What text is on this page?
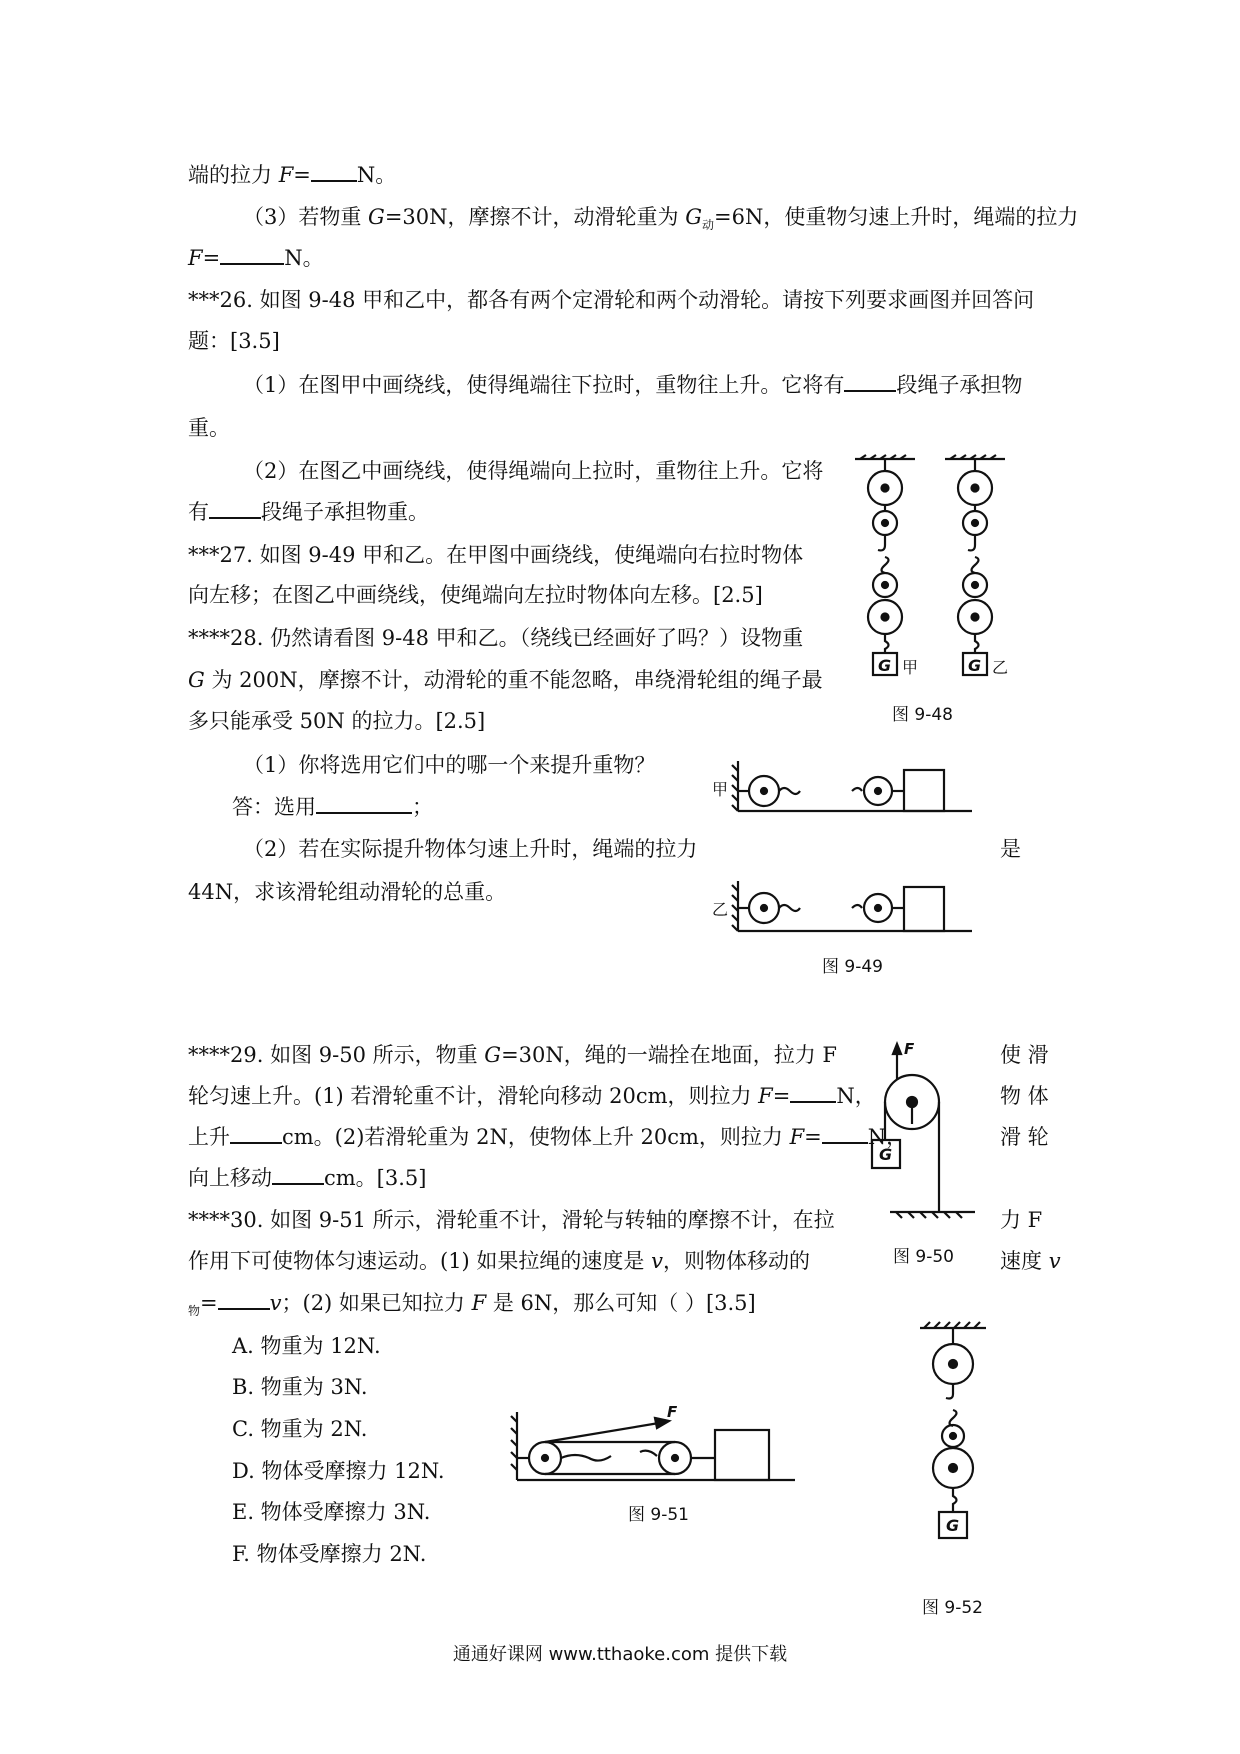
端的拉力 F= N。
（3）若物重 G=30N，摩擦不计，动滑轮重为 $G_动=6N$，使重物匀速上升时，绳端的拉力
F=	N。
***26. 如图 9-48 甲和乙中，都各有两个定滑轮和两个动滑轮。请按下列要求画图并回答问
题：[3.5]
（1）在图甲中画绕线，使得绳端往下拉时，重物往上升。它将有 段绳子承担物
重。
（2）在图乙中画绕线，使得绳端向上拉时，重物往上升。它将
有 段绳子承担物重。
***27. 如图 9-49 甲和乙。在甲图中画绕线，使绳端向右拉时物体
向左移；在图乙中画绕线，使绳端向左拉时物体向左移。[2.5]
****28. 仍然请看图 9-48 甲和乙。（绕线已经画好了吗？）设物重
G 为 200N，摩擦不计，动滑轮的重不能忽略，串绕滑轮组的绳子最
多只能承受 50N 的拉力。[2.5]
（1）你将选用它们中的哪一个来提升重物？
答：选用	；
（2）若在实际提升物体匀速上升时，绳端的拉力	是
44N，求该滑轮组动滑轮的总重。
****29. 如图 9-50 所示，物重 G=30N，绳的一端拴在地面，拉力 F	使 滑
轮匀速上升。(1) 若滑轮重不计，滑轮向移动 20cm，则拉力 F= N，	物 体
上升 cm。(2)若滑轮重为 2N，使物体上升 20cm，则拉力 F= N，	滑 轮
向上移动 cm。[3.5]
****30. 如图 9-51 所示，滑轮重不计，滑轮与转轴的摩擦不计，在拉	力 F
作用下可使物体匀速运动。(1) 如果拉绳的速度是 v，则物体移动的	速度 v
$_物$= v；(2) 如果已知拉力 F 是 6N，那么可知（ ）[3.5]
A. 物重为 12N.
B. 物重为 3N.
C. 物重为 2N.
D. 物体受摩擦力 12N.
E. 物体受摩擦力 3N.
F. 物体受摩擦力 2N.
G 甲	G 乙
图 9-48
甲
乙
图 9-49
F
G
图 9-50
F
图 9-51
G
图 9-52
通通好课网 www.tthaoke.com 提供下载
